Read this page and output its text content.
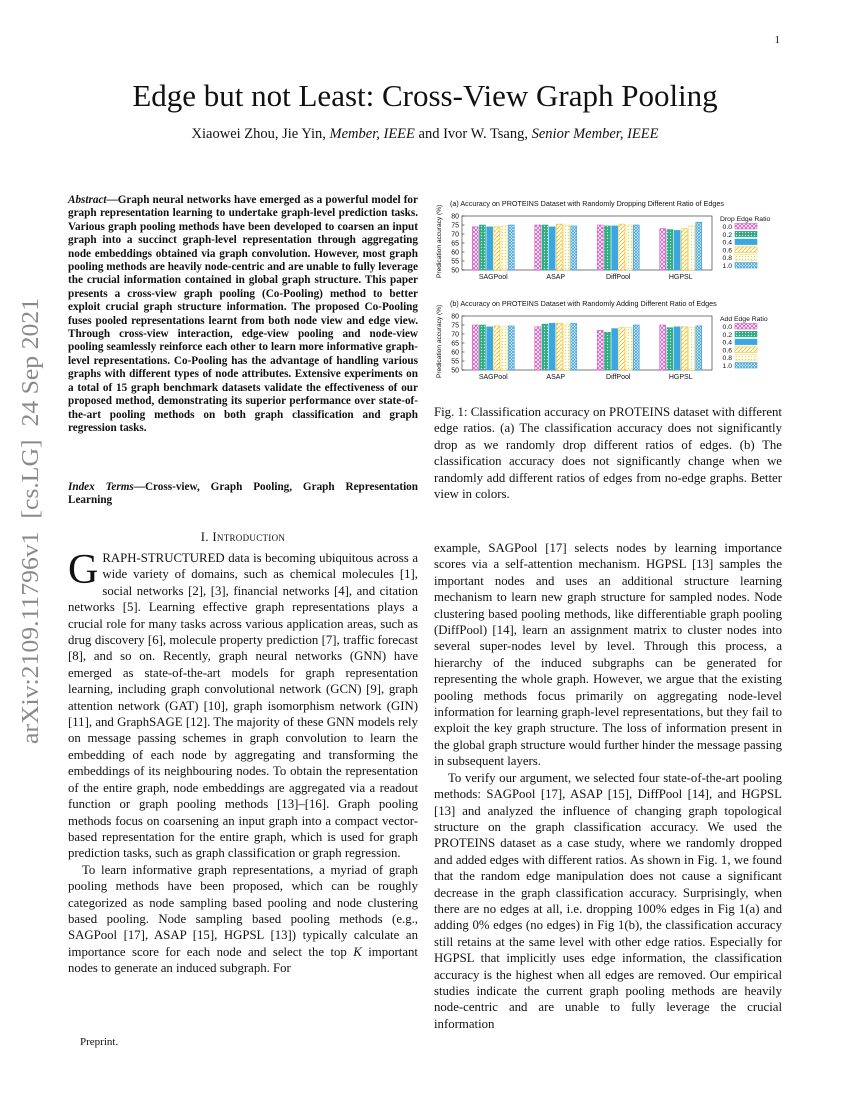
1
Edge but not Least: Cross-View Graph Pooling
Xiaowei Zhou, Jie Yin, Member, IEEE and Ivor W. Tsang, Senior Member, IEEE
arXiv:2109.11796v1  [cs.LG]  24 Sep 2021
Abstract—Graph neural networks have emerged as a powerful model for graph representation learning to undertake graph-level prediction tasks. Various graph pooling methods have been developed to coarsen an input graph into a succinct graph-level representation through aggregating node embeddings obtained via graph convolution. However, most graph pooling methods are heavily node-centric and are unable to fully leverage the crucial information contained in global graph structure. This paper presents a cross-view graph pooling (Co-Pooling) method to better exploit crucial graph structure information. The proposed Co-Pooling fuses pooled representations learnt from both node view and edge view. Through cross-view interaction, edge-view pooling and node-view pooling seamlessly reinforce each other to learn more informative graph-level representations. Co-Pooling has the advantage of handling various graphs with different types of node attributes. Extensive experiments on a total of 15 graph benchmark datasets validate the effectiveness of our proposed method, demonstrating its superior performance over state-of-the-art pooling methods on both graph classification and graph regression tasks.
Index Terms—Cross-view, Graph Pooling, Graph Representation Learning
I. Introduction

GRAPH-STRUCTURED data is becoming ubiquitous across a wide variety of domains, such as chemical molecules [1], social networks [2], [3], financial networks [4], and citation networks [5]. Learning effective graph representations plays a crucial role for many tasks across various application areas, such as drug discovery [6], molecule property prediction [7], traffic forecast [8], and so on. Recently, graph neural networks (GNN) have emerged as state-of-the-art models for graph representation learning, including graph convolutional network (GCN) [9], graph attention network (GAT) [10], graph isomorphism network (GIN) [11], and GraphSAGE [12]. The majority of these GNN models rely on message passing schemes in graph convolution to learn the embedding of each node by aggregating and transforming the embeddings of its neighbouring nodes. To obtain the representation of the entire graph, node embeddings are aggregated via a readout function or graph pooling methods [13]–[16]. Graph pooling methods focus on coarsening an input graph into a compact vector-based representation for the entire graph, which is used for graph prediction tasks, such as graph classification or graph regression.

To learn informative graph representations, a myriad of graph pooling methods have been proposed, which can be roughly categorized as node sampling based pooling and node clustering based pooling. Node sampling based pooling methods (e.g., SAGPool [17], ASAP [15], HGPSL [13]) typically calculate an importance score for each node and select the top K important nodes to generate an induced subgraph. For

Preprint.
(a) Accuracy on PROTEINS Dataset with Randomly Dropping Different Ratio of Edges
Predication accuracy (%) 50
55
60
65
70
75
80
SAGPool	ASAP	DiffPool	HGPSL
Drop Edge Ratio
0.0
0.2
0.4
0.6
0.8
1.0
(b) Accuracy on PROTEINS Dataset with Randomly Adding Different Ratio of Edges
Predication accuracy (%) 50
55
60
65
70
75
80
SAGPool	ASAP	DiffPool	HGPSL
Add Edge Ratio
0.0
0.2
0.4
0.6
0.8
1.0
Fig. 1: Classification accuracy on PROTEINS dataset with different edge ratios. (a) The classification accuracy does not significantly drop as we randomly drop different ratios of edges. (b) The classification accuracy does not significantly change when we randomly add different ratios of edges from no-edge graphs. Better view in colors.

example, SAGPool [17] selects nodes by learning importance scores via a self-attention mechanism. HGPSL [13] samples the important nodes and uses an additional structure learning mechanism to learn new graph structure for sampled nodes. Node clustering based pooling methods, like differentiable graph pooling (DiffPool) [14], learn an assignment matrix to cluster nodes into several super-nodes level by level. Through this process, a hierarchy of the induced subgraphs can be generated for representing the whole graph. However, we argue that the existing pooling methods focus primarily on aggregating node-level information for learning graph-level representations, but they fail to exploit the key graph structure. The loss of information present in the global graph structure would further hinder the message passing in subsequent layers.

To verify our argument, we selected four state-of-the-art pooling methods: SAGPool [17], ASAP [15], DiffPool [14], and HGPSL [13] and analyzed the influence of changing graph topological structure on the graph classification accuracy. We used the PROTEINS dataset as a case study, where we randomly dropped and added edges with different ratios. As shown in Fig. 1, we found that the random edge manipulation does not cause a significant decrease in the graph classification accuracy. Surprisingly, when there are no edges at all, i.e. dropping 100% edges in Fig 1(a) and adding 0% edges (no edges) in Fig 1(b), the classification accuracy still retains at the same level with other edge ratios. Especially for HGPSL that implicitly uses edge information, the classification accuracy is the highest when all edges are removed. Our empirical studies indicate the current graph pooling methods are heavily node-centric and are unable to fully leverage the crucial information
